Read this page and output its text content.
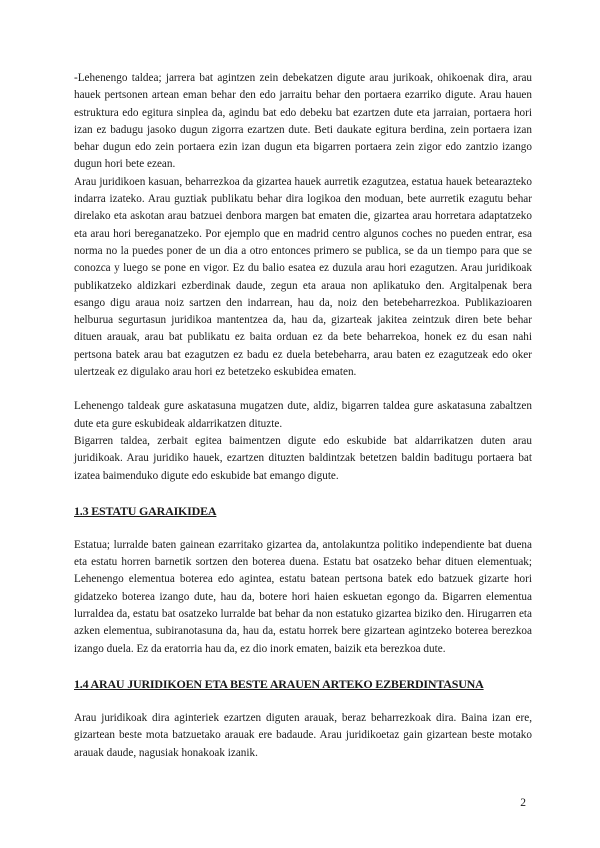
-Lehenengo taldea; jarrera bat agintzen zein debekatzen digute arau jurikoak, ohikoenak dira, arau hauek pertsonen artean eman behar den edo jarraitu behar den portaera ezarriko digute. Arau hauen estruktura edo egitura sinplea da, agindu bat edo debeku bat ezartzen dute eta jarraian, portaera hori izan ez badugu jasoko dugun zigorra ezartzen dute. Beti daukate egitura berdina, zein portaera izan behar dugun edo zein portaera ezin izan dugun eta bigarren portaera zein zigor edo zantzio izango dugun hori bete ezean.

Arau juridikoen kasuan, beharrezkoa da gizartea hauek aurretik ezagutzea, estatua hauek betearazteko indarra izateko. Arau guztiak publikatu behar dira logikoa den moduan, bete aurretik ezagutu behar direlako eta askotan arau batzuei denbora margen bat ematen die, gizartea arau horretara adaptatzeko eta arau hori bereganatzeko. Por ejemplo que en madrid centro algunos coches no pueden entrar, esa norma no la puedes poner de un dia a otro entonces primero se publica, se da un tiempo para que se conozca y luego se pone en vigor. Ez du balio esatea ez duzula arau hori ezagutzen. Arau juridikoak publikatzeko aldizkari ezberdinak daude, zegun eta araua non aplikatuko den. Argitalpenak bera esango digu araua noiz sartzen den indarrean, hau da, noiz den betebeharrezkoa. Publikazioaren helburua segurtasun juridikoa mantentzea da, hau da, gizarteak jakitea zeintzuk diren bete behar dituen arauak, arau bat publikatu ez baita orduan ez da bete beharrekoa, honek ez du esan nahi pertsona batek arau bat ezagutzen ez badu ez duela betebeharra, arau baten ez ezagutzeak edo oker ulertzeak ez digulako arau hori ez betetzeko eskubidea ematen.

Lehenengo taldeak gure askatasuna mugatzen dute, aldiz, bigarren taldea gure askatasuna zabaltzen dute eta gure eskubideak aldarrikatzen dituzte.

Bigarren taldea, zerbait egitea baimentzen digute edo eskubide bat aldarrikatzen duten arau juridikoak. Arau juridiko hauek, ezartzen dituzten baldintzak betetzen baldin baditugu portaera bat izatea baimenduko digute edo eskubide bat emango digute.

1.3 ESTATU GARAIKIDEA

Estatua; lurralde baten gainean ezarritako gizartea da, antolakuntza politiko independiente bat duena eta estatu horren barnetik sortzen den boterea duena. Estatu bat osatzeko behar dituen elementuak; Lehenengo elementua boterea edo agintea, estatu batean pertsona batek edo batzuek gizarte hori gidatzeko boterea izango dute, hau da, botere hori haien eskuetan egongo da. Bigarren elementua lurraldea da, estatu bat osatzeko lurralde bat behar da non estatuko gizartea biziko den. Hirugarren eta azken elementua, subiranotasuna da, hau da, estatu horrek bere gizartean agintzeko boterea berezkoa izango duela. Ez da eratorria hau da, ez dio inork ematen, baizik eta berezkoa dute.

1.4 ARAU JURIDIKOEN ETA BESTE ARAUEN ARTEKO EZBERDINTASUNA

Arau juridikoak dira aginteriek ezartzen diguten arauak, beraz beharrezkoak dira. Baina izan ere, gizartean beste mota batzuetako arauak ere badaude. Arau juridikoetaz gain gizartean beste motako arauak daude, nagusiak honakoak izanik.

2
